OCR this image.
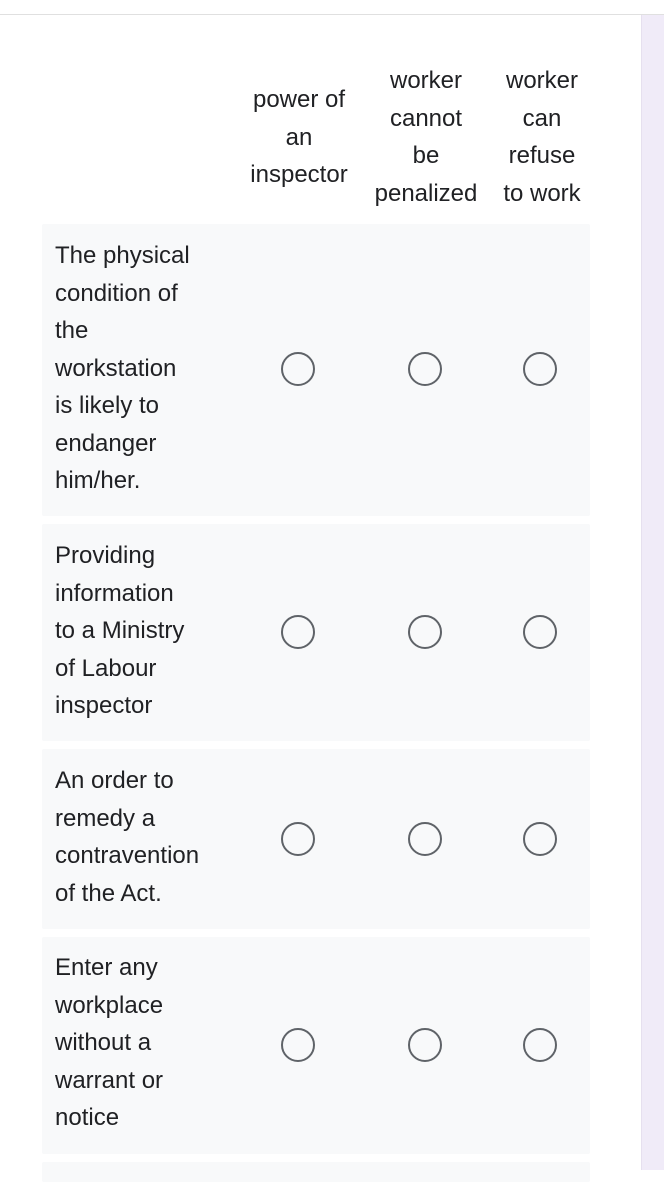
power of
an
inspector
worker
cannot
be
penalized
worker
can
refuse
to work
The physical
condition of
the
workstation
is likely to
endanger
him/her.
Providing
information
to a Ministry
of Labour
inspector
An order to
remedy a
contravention
of the Act.
Enter any
workplace
without a
warrant or
notice
